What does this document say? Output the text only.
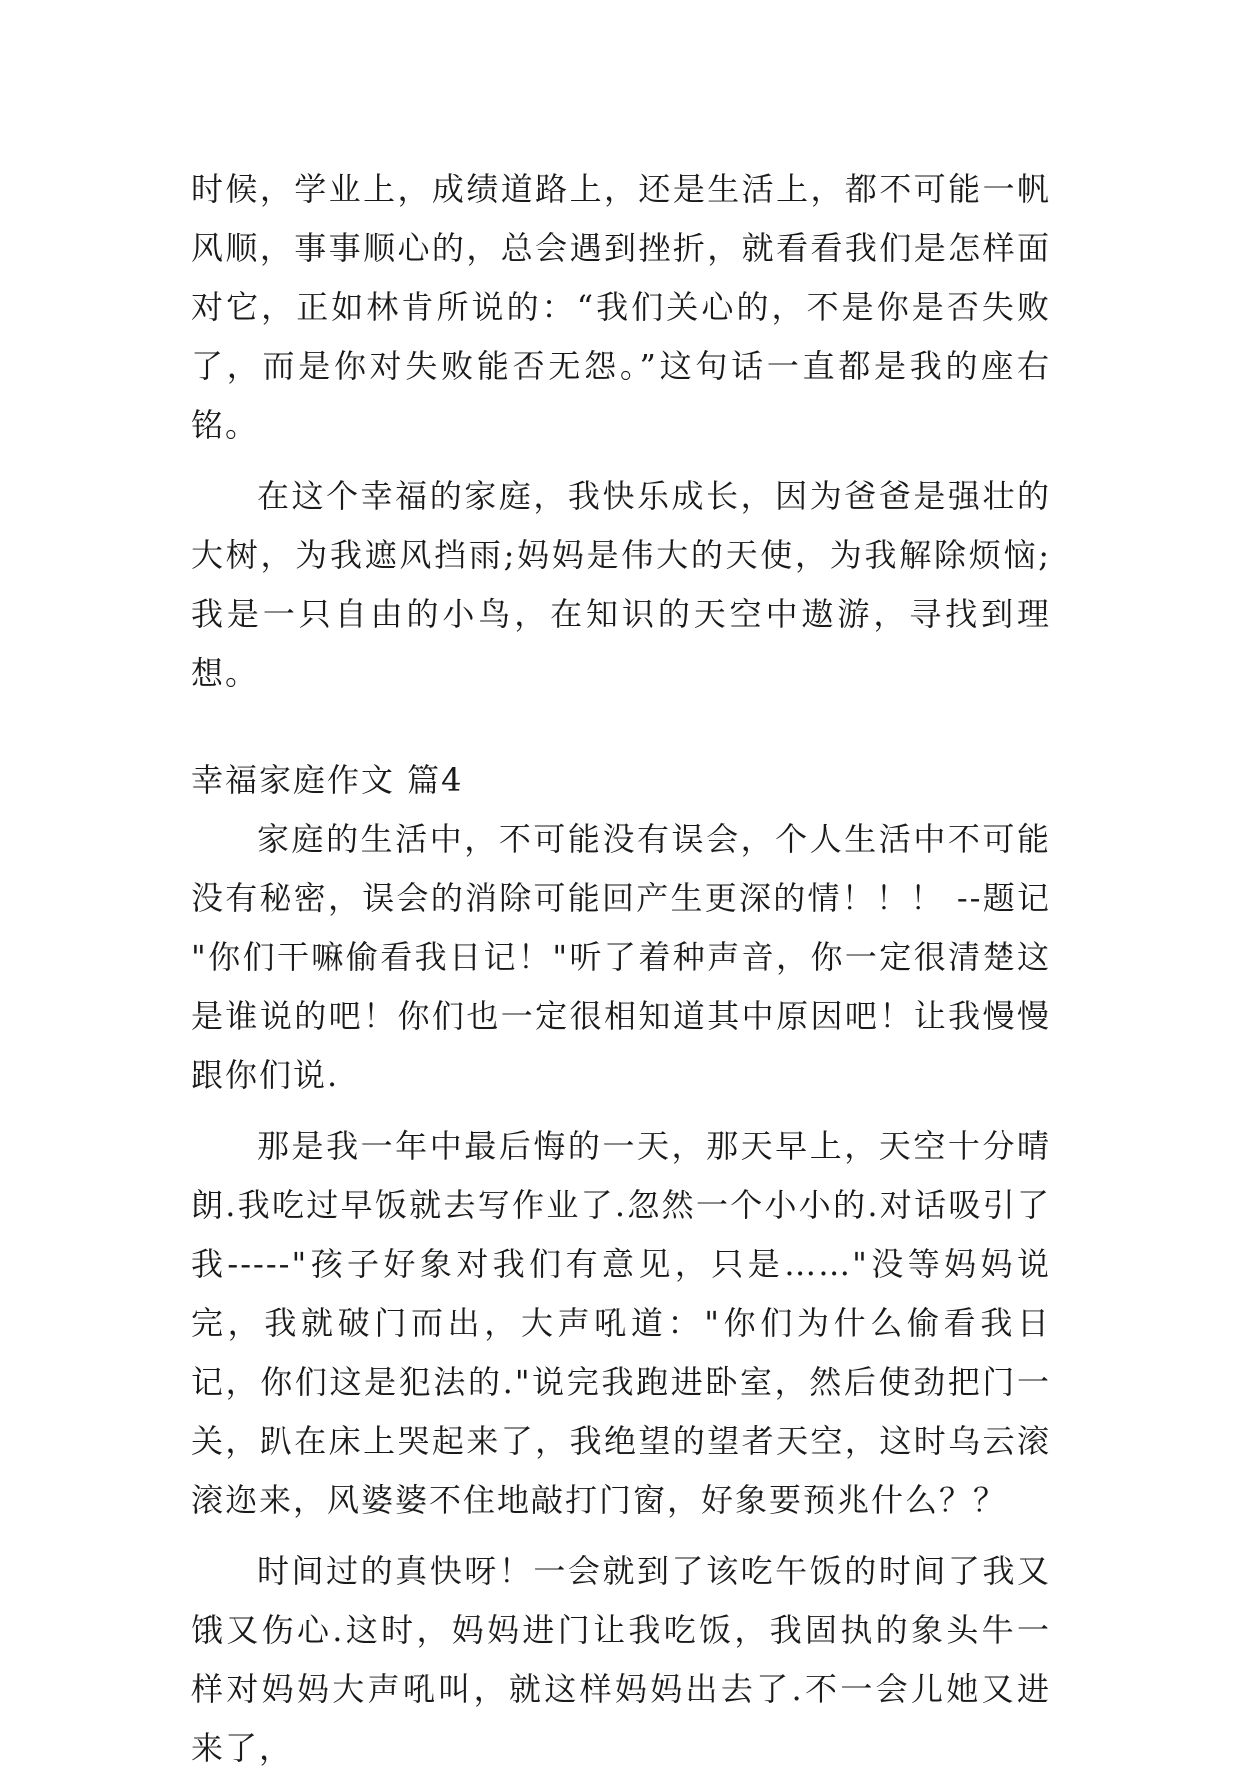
时候，学业上，成绩道路上，还是生活上，都不可能一帆风顺，事事顺心的，总会遇到挫折，就看看我们是怎样面对它，正如林肯所说的：“我们关心的，不是你是否失败了，而是你对失败能否无怨。”这句话一直都是我的座右铭。

在这个幸福的家庭，我快乐成长，因为爸爸是强壮的大树，为我遮风挡雨;妈妈是伟大的天使，为我解除烦恼;我是一只自由的小鸟，在知识的天空中遨游，寻找到理想。

幸福家庭作文 篇4

家庭的生活中，不可能没有误会，个人生活中不可能没有秘密，误会的消除可能回产生更深的情！！！ --题记 "你们干嘛偷看我日记！"听了着种声音，你一定很清楚这是谁说的吧！你们也一定很相知道其中原因吧！让我慢慢跟你们说.

那是我一年中最后悔的一天，那天早上，天空十分晴朗.我吃过早饭就去写作业了.忽然一个小小的.对话吸引了我-----"孩子好象对我们有意见，只是……"没等妈妈说完，我就破门而出，大声吼道："你们为什么偷看我日记，你们这是犯法的."说完我跑进卧室，然后使劲把门一关，趴在床上哭起来了，我绝望的望者天空，这时乌云滚滚迩来，风婆婆不住地敲打门窗，好象要预兆什么？？

时间过的真快呀！一会就到了该吃午饭的时间了我又饿又伤心.这时，妈妈进门让我吃饭，我固执的象头牛一样对妈妈大声吼叫，就这样妈妈出去了.不一会儿她又进来了，
